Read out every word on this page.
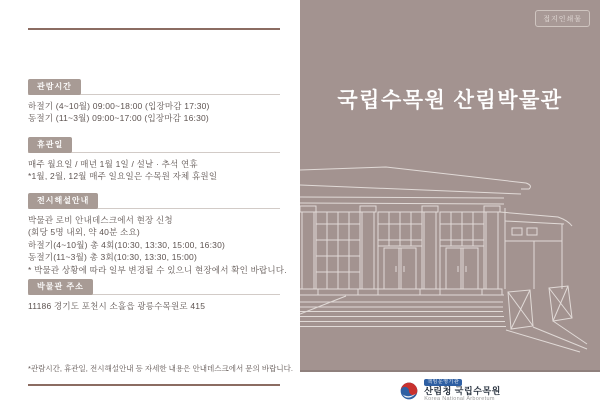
관람시간
하절기 (4~10월) 09:00~18:00 (입장마감 17:30)
동절기 (11~3월) 09:00~17:00 (입장마감 16:30)
휴관일
매주 월요일 / 매년 1월 1일 / 설날 · 추석 연휴
*1월, 2월, 12월 매주 일요일은 수목원 자체 휴원일
전시해설안내
박물관 로비 안내데스크에서 현장 신청
(회당 5명 내외, 약 40분 소요)
하절기(4~10월) 총 4회(10:30, 13:30, 15:00, 16:30)
동절기(11~3월) 총 3회(10:30, 13:30, 15:00)
* 박물관 상황에 따라 일부 변경될 수 있으니 현장에서 확인 바랍니다.
박물관 주소
11186 경기도 포천시 소흘읍 광릉수목원로 415
*관람시간, 휴관일, 전시해설안내 등 자세한 내용은 안내데스크에서 문의 바랍니다.
접지인쇄물
국립수목원 산림박물관
책임운영기관
산림청 국립수목원
Korea National Arboretum
